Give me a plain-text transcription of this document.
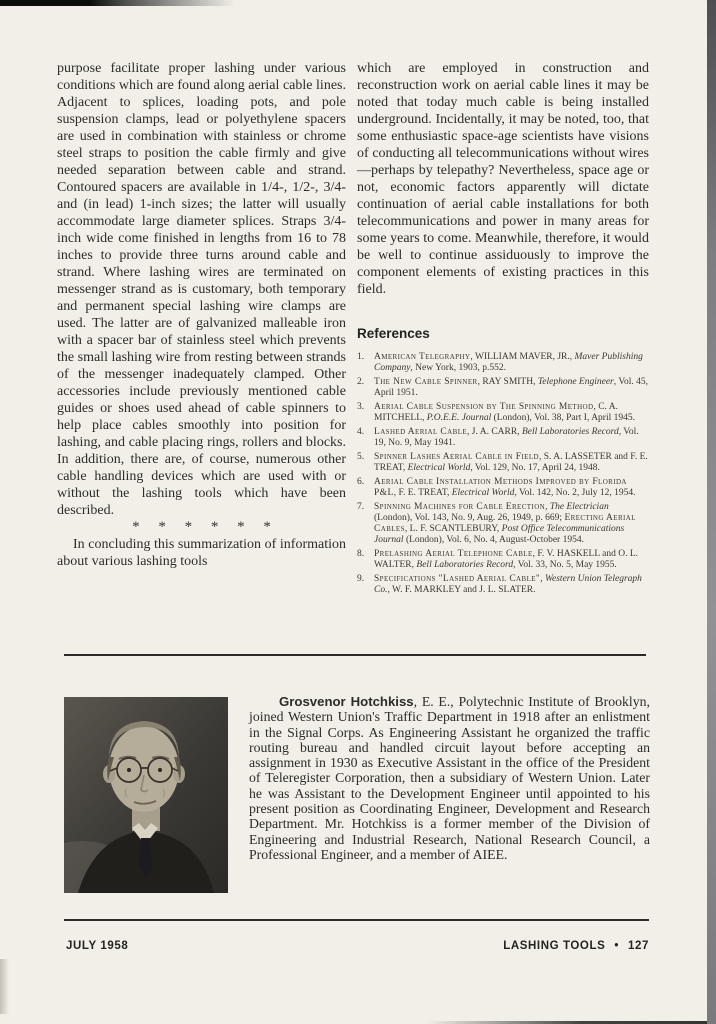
purpose facilitate proper lashing under various conditions which are found along aerial cable lines. Adjacent to splices, loading pots, and pole suspension clamps, lead or polyethylene spacers are used in combination with stainless or chrome steel straps to position the cable firmly and give needed separation between cable and strand. Contoured spacers are available in 1/4-, 1/2-, 3/4- and (in lead) 1-inch sizes; the latter will usually accommodate large diameter splices. Straps 3/4-inch wide come finished in lengths from 16 to 78 inches to provide three turns around cable and strand. Where lashing wires are terminated on messenger strand as is customary, both temporary and permanent special lashing wire clamps are used. The latter are of galvanized malleable iron with a spacer bar of stainless steel which prevents the small lashing wire from resting between strands of the messenger inadequately clamped. Other accessories include previously mentioned cable guides or shoes used ahead of cable spinners to help place cables smoothly into position for lashing, and cable placing rings, rollers and blocks. In addition, there are, of course, numerous other cable handling devices which are used with or without the lashing tools which have been described.

* * * * * *

In concluding this summarization of information about various lashing tools

which are employed in construction and reconstruction work on aerial cable lines it may be noted that today much cable is being installed underground. Incidentally, it may be noted, too, that some enthusiastic space-age scientists have visions of conducting all telecommunications without wires—perhaps by telepathy? Nevertheless, space age or not, economic factors apparently will dictate continuation of aerial cable installations for both telecommunications and power in many areas for some years to come. Meanwhile, therefore, it would be well to continue assiduously to improve the component elements of existing practices in this field.

References
1. American Telegraphy, WILLIAM MAVER, JR., Maver Publishing Company, New York, 1903, p.552.
2. The New Cable Spinner, RAY SMITH, Telephone Engineer, Vol. 45, April 1951.
3. Aerial Cable Suspension by The Spinning Method, C. A. MITCHELL, P.O.E.E. Journal (London), Vol. 38, Part I, April 1945.
4. Lashed Aerial Cable, J. A. CARR, Bell Laboratories Record, Vol. 19, No. 9, May 1941.
5. Spinner Lashes Aerial Cable in Field, S. A. LASSETER and F. E. TREAT, Electrical World, Vol. 129, No. 17, April 24, 1948.
6. Aerial Cable Installation Methods Improved by Florida P&L, F. E. TREAT, Electrical World, Vol. 142, No. 2, July 12, 1954.
7. Spinning Machines for Cable Erection, The Electrician (London), Vol. 143, No. 9, Aug. 26, 1949, p. 669; Erecting Aerial Cables, L. F. SCANTLEBURY, Post Office Telecommunications Journal (London), Vol. 6, No. 4, August-October 1954.
8. Prelashing Aerial Telephone Cable, F. V. HASKELL and O. L. WALTER, Bell Laboratories Record, Vol. 33, No. 5, May 1955.
9. Specifications "Lashed Aerial Cable", Western Union Telegraph Co., W. F. MARKLEY and J. L. SLATER.

Grosvenor Hotchkiss, E. E., Polytechnic Institute of Brooklyn, joined Western Union's Traffic Department in 1918 after an enlistment in the Signal Corps. As Engineering Assistant he organized the traffic routing bureau and handled circuit layout before accepting an assignment in 1930 as Executive Assistant in the office of the President of Teleregister Corporation, then a subsidiary of Western Union. Later he was Assistant to the Development Engineer until appointed to his present position as Coordinating Engineer, Development and Research Department. Mr. Hotchkiss is a former member of the Division of Engineering and Industrial Research, National Research Council, a Professional Engineer, and a member of AIEE.

JULY 1958	LASHING TOOLS • 127
